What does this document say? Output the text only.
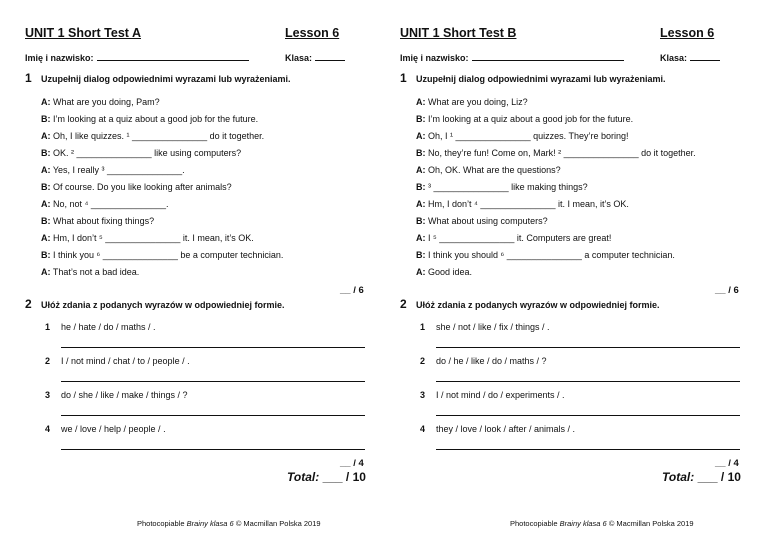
UNIT 1 Short Test A	Lesson 6
Imię i nazwisko:	Klasa:
1 Uzupełnij dialog odpowiednimi wyrazami lub wyrażeniami.
A: What are you doing, Pam?
B: I’m looking at a quiz about a good job for the future.
A: Oh, I like quizzes. ¹ _______________ do it together.
B: OK. ² _______________ like using computers?
A: Yes, I really ³ _______________.
B: Of course. Do you like looking after animals?
A: No, not ⁴ _______________.
B: What about fixing things?
A: Hm, I don’t ⁵ _______________ it. I mean, it’s OK.
B: I think you ⁶ _______________ be a computer technician.
A: That’s not a bad idea.
__ / 6
2 Ułóż zdania z podanych wyrazów w odpowiedniej formie.
1 he / hate / do / maths / .
2 I / not mind / chat / to / people / .
3 do / she / like / make / things / ?
4 we / love / help / people / .
__ / 4
Total: ___ / 10
Photocopiable Brainy klasa 6 © Macmillan Polska 2019
UNIT 1 Short Test B	Lesson 6
Imię i nazwisko:	Klasa:
1 Uzupełnij dialog odpowiednimi wyrazami lub wyrażeniami.
A: What are you doing, Liz?
B: I’m looking at a quiz about a good job for the future.
A: Oh, I ¹ _______________ quizzes. They’re boring!
B: No, they’re fun! Come on, Mark! ² _______________ do it together.
A: Oh, OK. What are the questions?
B: ³ _______________ like making things?
A: Hm, I don’t ⁴ _______________ it. I mean, it’s OK.
B: What about using computers?
A: I ⁵ _______________ it. Computers are great!
B: I think you should ⁶ _______________ a computer technician.
A: Good idea.
__ / 6
2 Ułóż zdania z podanych wyrazów w odpowiedniej formie.
1 she / not / like / fix / things / .
2 do / he / like / do / maths / ?
3 I / not mind / do / experiments / .
4 they / love / look / after / animals / .
__ / 4
Total: ___ / 10
Photocopiable Brainy klasa 6 © Macmillan Polska 2019
